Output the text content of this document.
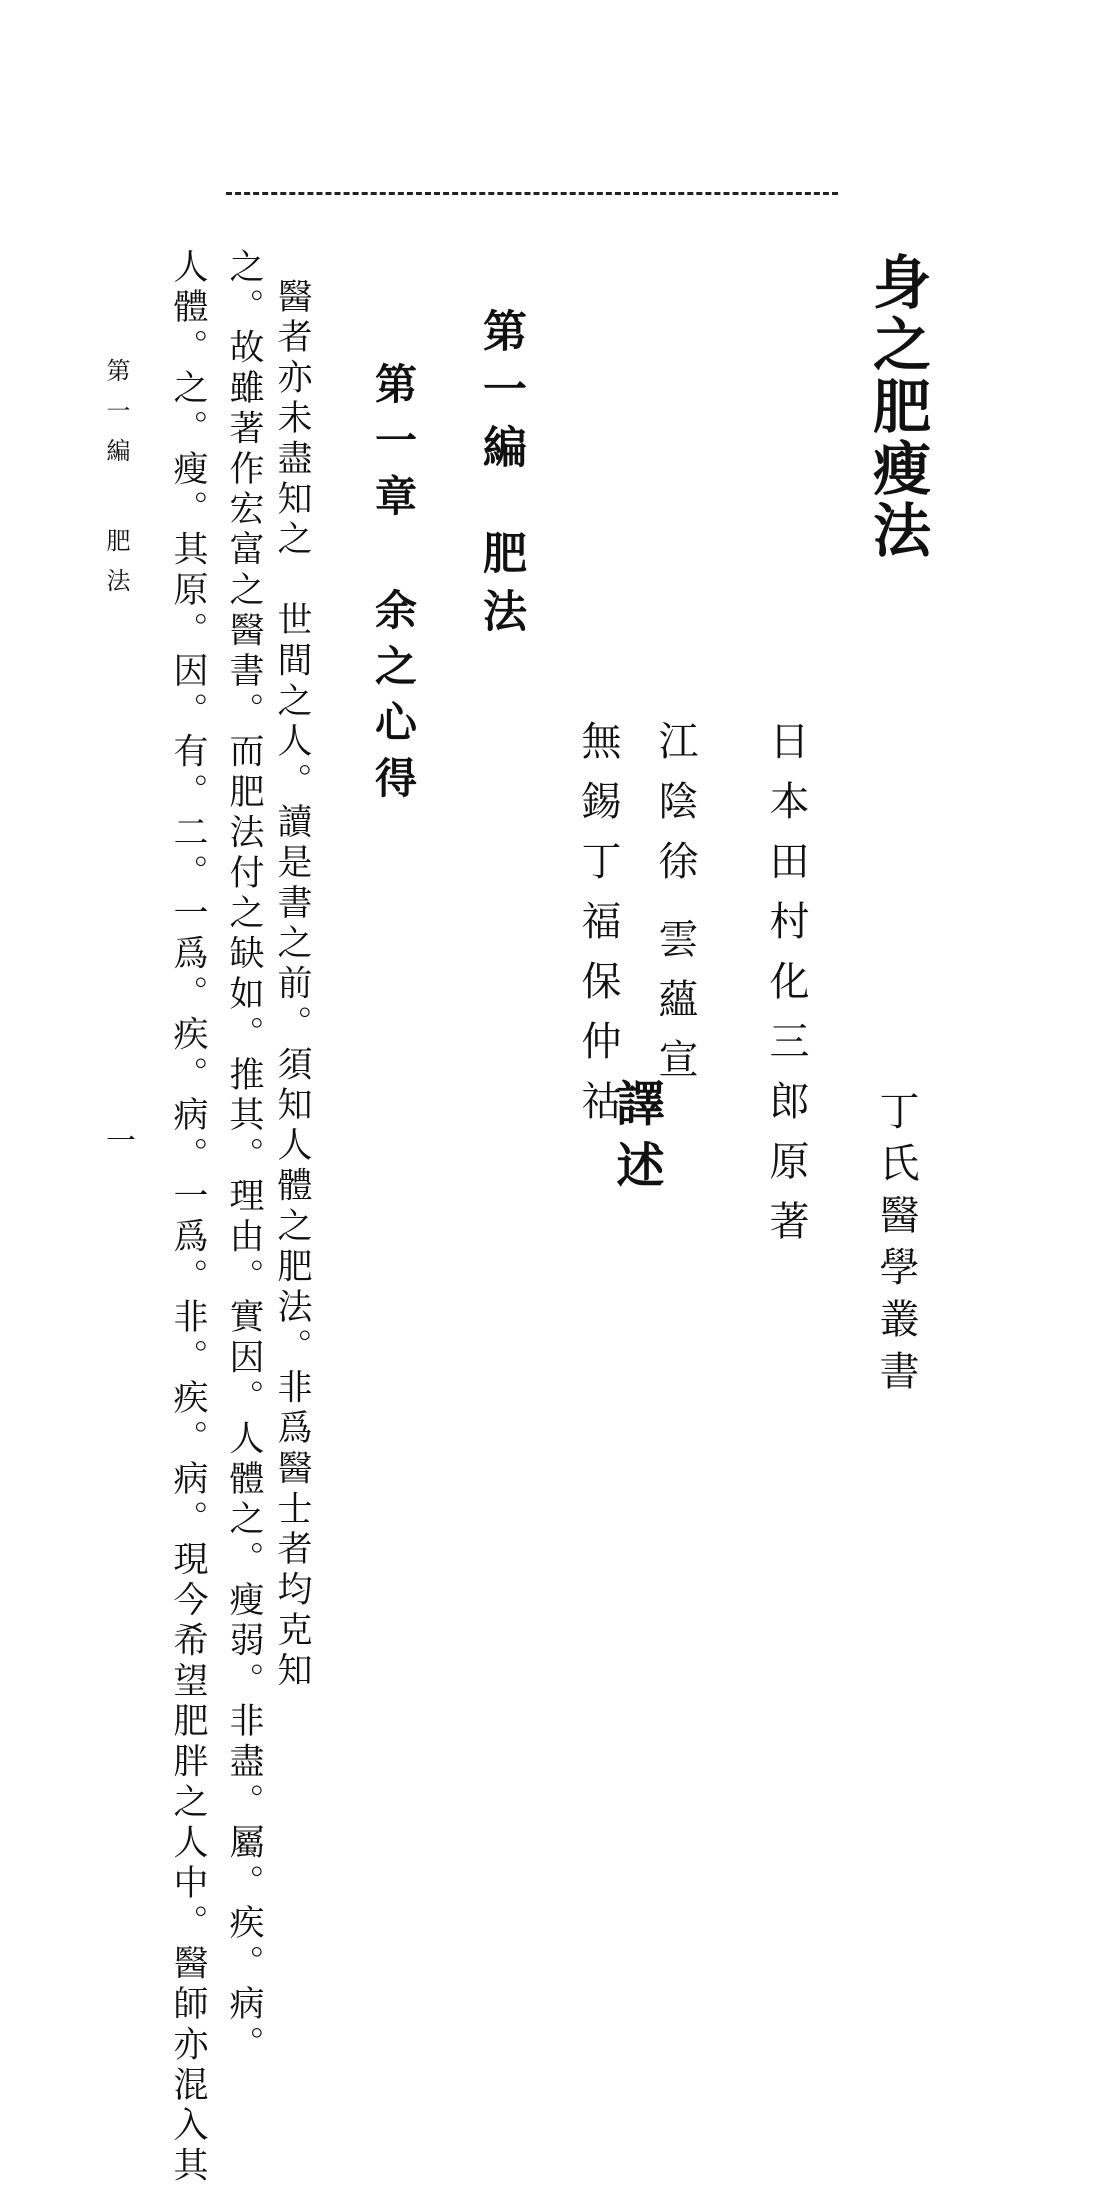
身之肥瘦法
丁氏醫學叢書
日本田村化三郎原著
江陰徐
雲蘊宣
無錫丁福保仲祜
譯述
第一編
肥法
第一章
余之心得
醫者亦未盡知之　世間之人。讀是書之前。須知人體之肥法。非爲醫士者均克知
之。故雖著作宏富之醫書。而肥法付之缺如。推其。理由。實因。人體之。瘦弱。非盡。屬。疾。病。
人體。之。瘦。其原。因。有。二。一爲。疾。病。一爲。非。疾。病。現今希望肥胖之人中。醫師亦混入其
第一編
肥法
一
